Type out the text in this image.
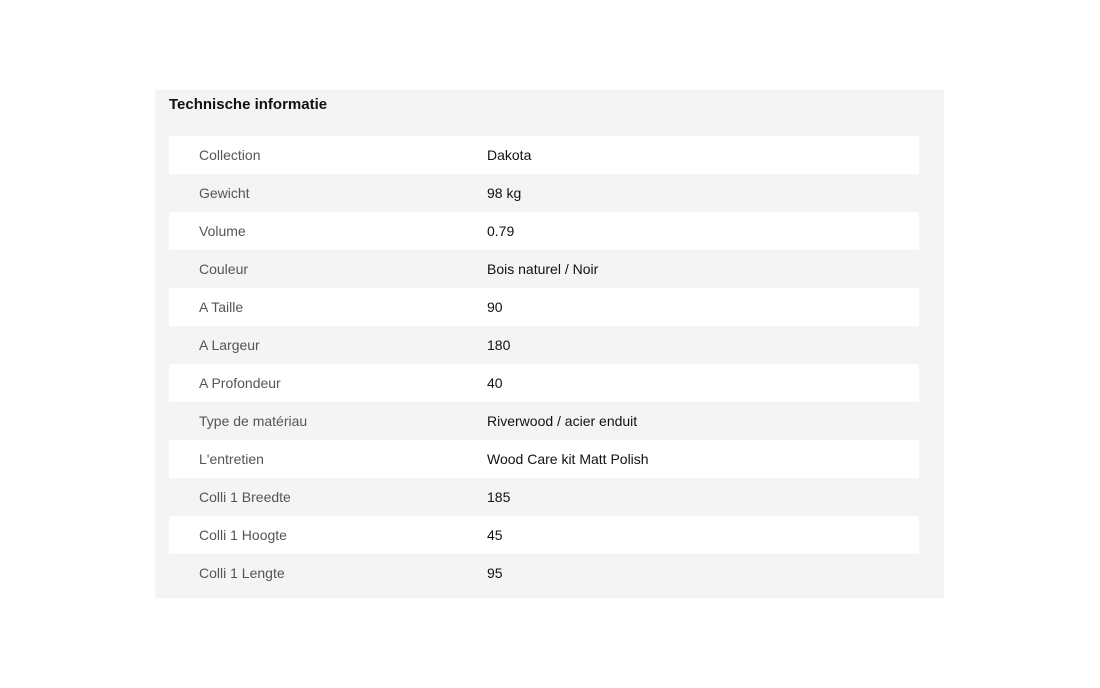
Technische informatie
Collection	Dakota
Gewicht	98 kg
Volume	0.79
Couleur	Bois naturel / Noir
A Taille	90
A Largeur	180
A Profondeur	40
Type de matériau	Riverwood / acier enduit
L'entretien	Wood Care kit Matt Polish
Colli 1 Breedte	185
Colli 1 Hoogte	45
Colli 1 Lengte	95
